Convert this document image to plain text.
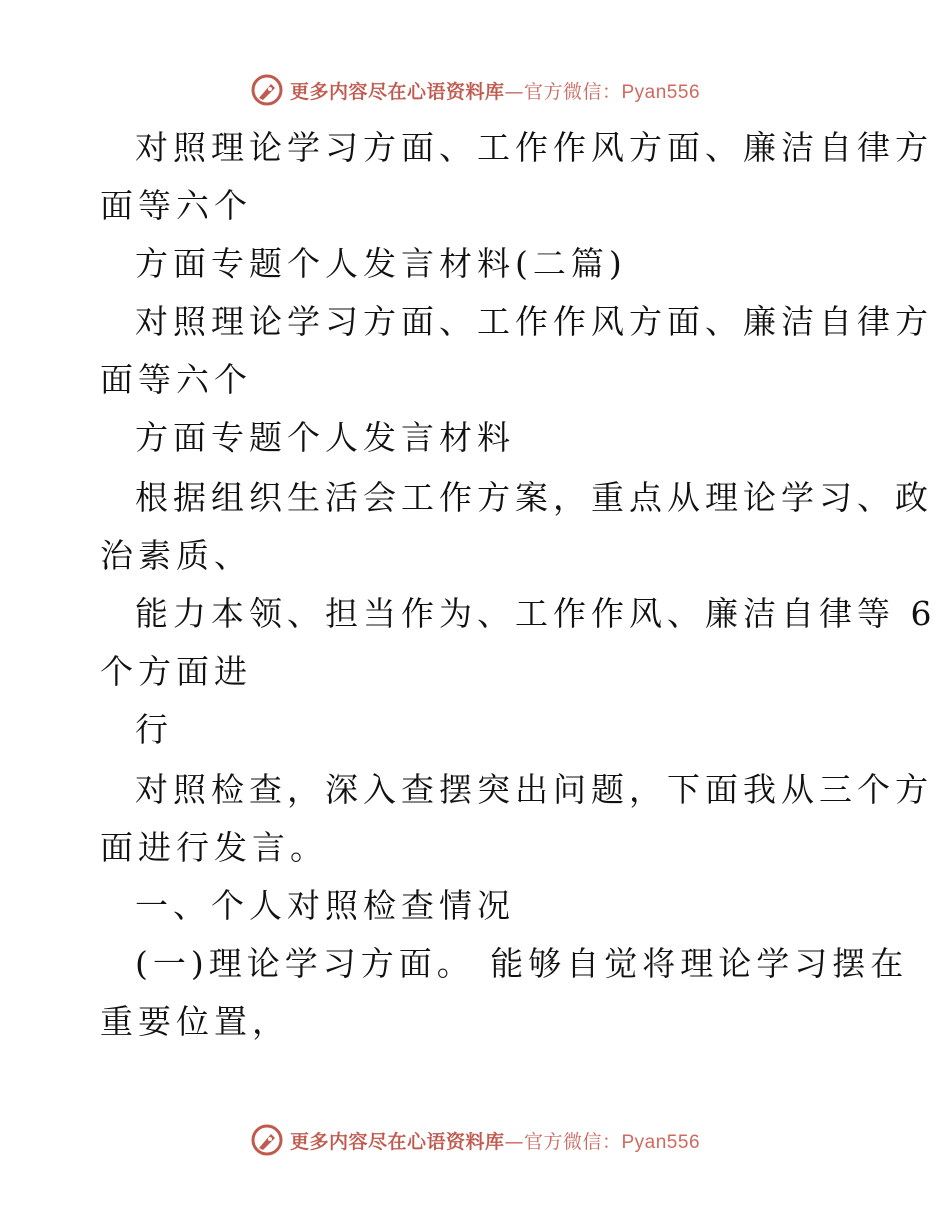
更多内容尽在心语资料库—官方微信：Pyan556
对照理论学习方面、工作作风方面、廉洁自律方
面等六个
方面专题个人发言材料(二篇)
对照理论学习方面、工作作风方面、廉洁自律方
面等六个
方面专题个人发言材料
根据组织生活会工作方案，重点从理论学习、政
治素质、
能力本领、担当作为、工作作风、廉洁自律等 6
个方面进
行
对照检查，深入查摆突出问题，下面我从三个方
面进行发言。
一、个人对照检查情况
(一)理论学习方面。 能够自觉将理论学习摆在
重要位置，
更多内容尽在心语资料库—官方微信：Pyan556
